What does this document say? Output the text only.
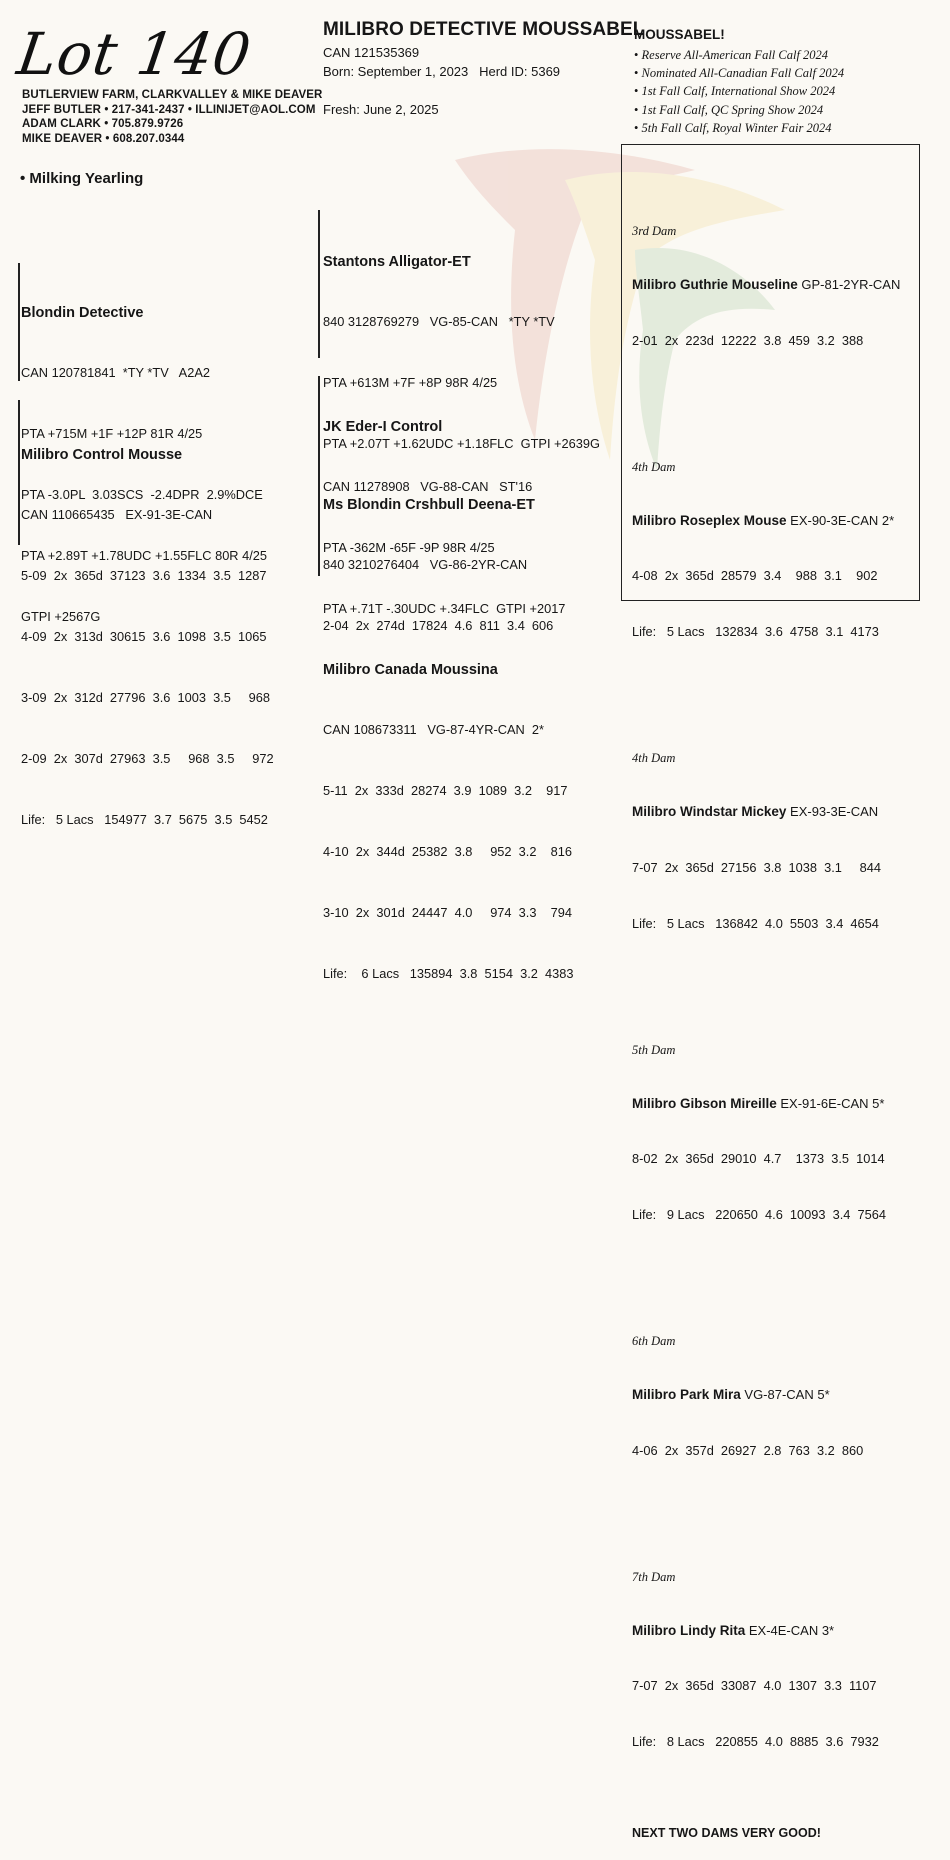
Lot 140
BUTLERVIEW FARM, CLARKVALLEY & MIKE DEAVER
JEFF BUTLER • 217-341-2437 • ILLINIJET@AOL.COM
ADAM CLARK • 705.879.9726
MIKE DEAVER • 608.207.0344
• Milking Yearling
MILIBRO DETECTIVE MOUSSABEL
CAN 121535369
Born: September 1, 2023   Herd ID: 5369
Fresh: June 2, 2025
MOUSSABEL!
• Reserve All-American Fall Calf 2024
• Nominated All-Canadian Fall Calf 2024
• 1st Fall Calf, International Show 2024
• 1st Fall Calf, QC Spring Show 2024
• 5th Fall Calf, Royal Winter Fair 2024

Blondin Detective

CAN 120781841  *TY *TV   A2A2

PTA +715M +1F +12P 81R 4/25

PTA -3.0PL  3.03SCS  -2.4DPR  2.9%DCE

PTA +2.89T +1.78UDC +1.55FLC 80R 4/25

GTPI +2567G

Milibro Control Mousse

CAN 110665435   EX-91-3E-CAN

5-09  2x  365d  37123  3.6  1334  3.5  1287

4-09  2x  313d  30615  3.6  1098  3.5  1065

3-09  2x  312d  27796  3.6  1003  3.5     968

2-09  2x  307d  27963  3.5     968  3.5     972

Life:   5 Lacs   154977  3.7  5675  3.5  5452

Stantons Alligator-ET

840 3128769279   VG-85-CAN   *TY *TV

PTA +613M +7F +8P 98R 4/25

PTA +2.07T +1.62UDC +1.18FLC  GTPI +2639G

Ms Blondin Crshbull Deena-ET

840 3210276404   VG-86-2YR-CAN

2-04  2x  274d  17824  4.6  811  3.4  606

JK Eder-I Control

CAN 11278908   VG-88-CAN   ST'16

PTA -362M -65F -9P 98R 4/25

PTA +.71T -.30UDC +.34FLC  GTPI +2017

Milibro Canada Moussina

CAN 108673311   VG-87-4YR-CAN  2*

5-11  2x  333d  28274  3.9  1089  3.2    917

4-10  2x  344d  25382  3.8     952  3.2    816

3-10  2x  301d  24447  4.0     974  3.3    794

Life:    6 Lacs   135894  3.8  5154  3.2  4383

3rd Dam

Milibro Guthrie Mouseline GP-81-2YR-CAN

2-01  2x  223d  12222  3.8  459  3.2  388

4th Dam

Milibro Roseplex Mouse EX-90-3E-CAN 2*

4-08  2x  365d  28579  3.4    988  3.1    902

Life:   5 Lacs   132834  3.6  4758  3.1  4173

4th Dam

Milibro Windstar Mickey EX-93-3E-CAN

7-07  2x  365d  27156  3.8  1038  3.1     844

Life:   5 Lacs   136842  4.0  5503  3.4  4654

5th Dam

Milibro Gibson Mireille EX-91-6E-CAN 5*

8-02  2x  365d  29010  4.7    1373  3.5  1014

Life:   9 Lacs   220650  4.6  10093  3.4  7564

6th Dam

Milibro Park Mira VG-87-CAN 5*

4-06  2x  357d  26927  2.8  763  3.2  860

7th Dam

Milibro Lindy Rita EX-4E-CAN 3*

7-07  2x  365d  33087  4.0  1307  3.3  1107

Life:   8 Lacs   220855  4.0  8885  3.6  7932

NEXT TWO DAMS VERY GOOD!
